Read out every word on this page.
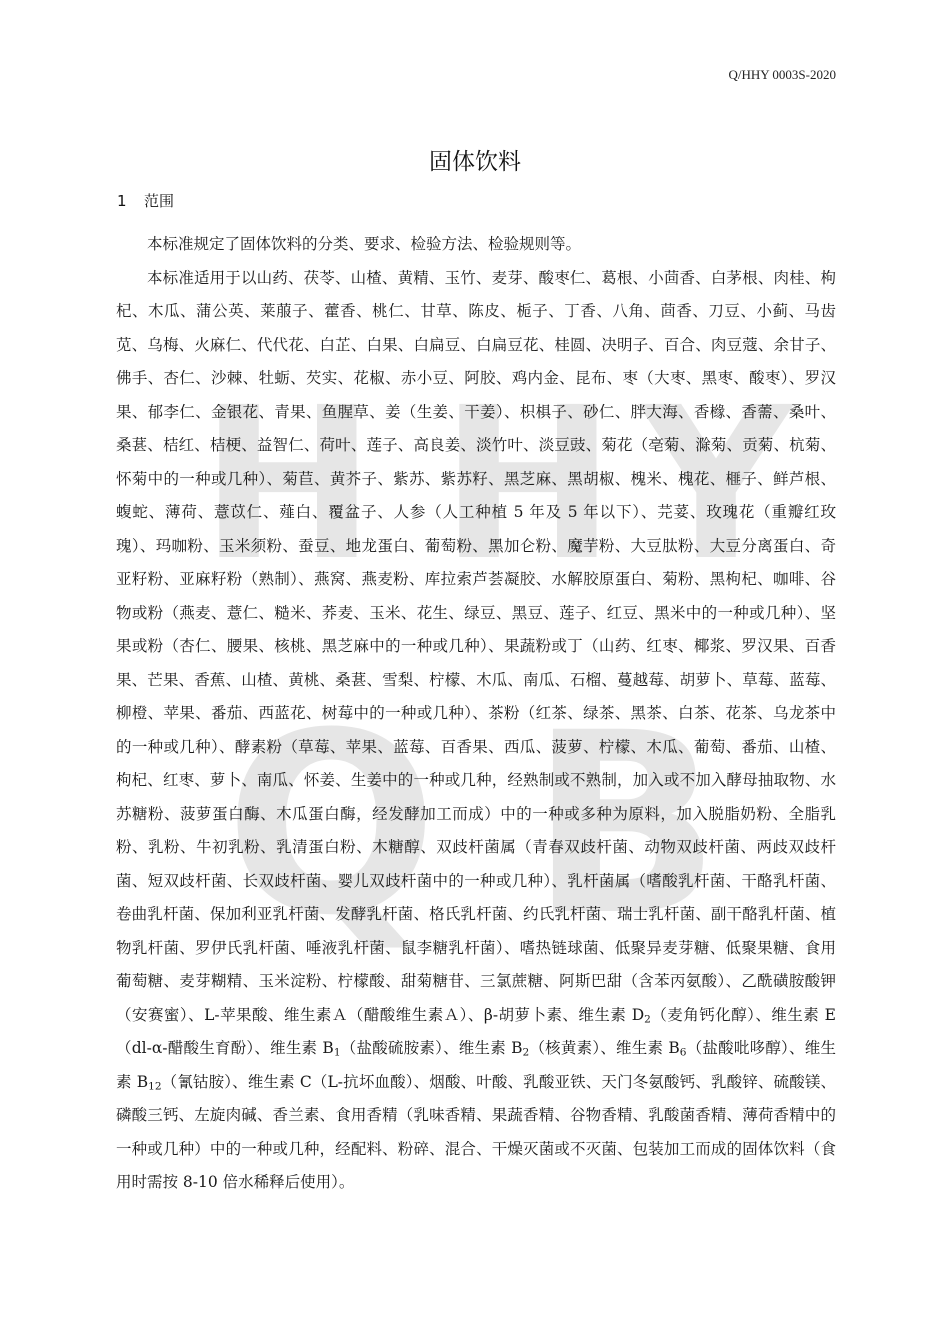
H H Y
Q B
Q/HHY 0003S-2020
固体饮料
1 范围

本标准规定了固体饮料的分类、要求、检验方法、检验规则等。

本标准适用于以山药、茯苓、山楂、黄精、玉竹、麦芽、酸枣仁、葛根、小茴香、白茅根、肉桂、枸杞、木瓜、蒲公英、莱菔子、藿香、桃仁、甘草、陈皮、栀子、丁香、八角、茴香、刀豆、小蓟、马齿苋、乌梅、火麻仁、代代花、白芷、白果、白扁豆、白扁豆花、桂圆、决明子、百合、肉豆蔻、余甘子、佛手、杏仁、沙棘、牡蛎、芡实、花椒、赤小豆、阿胶、鸡内金、昆布、枣（大枣、黑枣、酸枣）、罗汉果、郁李仁、金银花、青果、鱼腥草、姜（生姜、干姜）、枳椇子、砂仁、胖大海、香橼、香薷、桑叶、桑葚、桔红、桔梗、益智仁、荷叶、莲子、高良姜、淡竹叶、淡豆豉、菊花（亳菊、滁菊、贡菊、杭菊、怀菊中的一种或几种）、菊苣、黄芥子、紫苏、紫苏籽、黑芝麻、黑胡椒、槐米、槐花、榧子、鲜芦根、蝮蛇、薄荷、薏苡仁、薤白、覆盆子、人参（人工种植 5 年及 5 年以下）、芫荽、玫瑰花（重瓣红玫瑰）、玛咖粉、玉米须粉、蚕豆、地龙蛋白、葡萄粉、黑加仑粉、魔芋粉、大豆肽粉、大豆分离蛋白、奇亚籽粉、亚麻籽粉（熟制）、燕窝、燕麦粉、库拉索芦荟凝胶、水解胶原蛋白、菊粉、黑枸杞、咖啡、谷物或粉（燕麦、薏仁、糙米、荞麦、玉米、花生、绿豆、黑豆、莲子、红豆、黑米中的一种或几种）、坚果或粉（杏仁、腰果、核桃、黑芝麻中的一种或几种）、果蔬粉或丁（山药、红枣、椰浆、罗汉果、百香果、芒果、香蕉、山楂、黄桃、桑葚、雪梨、柠檬、木瓜、南瓜、石榴、蔓越莓、胡萝卜、草莓、蓝莓、柳橙、苹果、番茄、西蓝花、树莓中的一种或几种）、茶粉（红茶、绿茶、黑茶、白茶、花茶、乌龙茶中的一种或几种）、酵素粉（草莓、苹果、蓝莓、百香果、西瓜、菠萝、柠檬、木瓜、葡萄、番茄、山楂、枸杞、红枣、萝卜、南瓜、怀姜、生姜中的一种或几种，经熟制或不熟制，加入或不加入酵母抽取物、水苏糖粉、菠萝蛋白酶、木瓜蛋白酶，经发酵加工而成）中的一种或多种为原料，加入脱脂奶粉、全脂乳粉、乳粉、牛初乳粉、乳清蛋白粉、木糖醇、双歧杆菌属（青春双歧杆菌、动物双歧杆菌、两歧双歧杆菌、短双歧杆菌、长双歧杆菌、婴儿双歧杆菌中的一种或几种）、乳杆菌属（嗜酸乳杆菌、干酪乳杆菌、卷曲乳杆菌、保加利亚乳杆菌、发酵乳杆菌、格氏乳杆菌、约氏乳杆菌、瑞士乳杆菌、副干酪乳杆菌、植物乳杆菌、罗伊氏乳杆菌、唾液乳杆菌、鼠李糖乳杆菌）、嗜热链球菌、低聚异麦芽糖、低聚果糖、食用葡萄糖、麦芽糊精、玉米淀粉、柠檬酸、甜菊糖苷、三氯蔗糖、阿斯巴甜（含苯丙氨酸）、乙酰磺胺酸钾（安赛蜜）、L-苹果酸、维生素Ａ（醋酸维生素Ａ）、β-胡萝卜素、维生素 $D_2$（麦角钙化醇）、维生素 E（dl-α-醋酸生育酚）、维生素 $B_1$（盐酸硫胺素）、维生素 $B_2$（核黄素）、维生素 $B_6$（盐酸吡哆醇）、维生素 $B_{12}$（氰钴胺）、维生素 C（L-抗坏血酸）、烟酸、叶酸、乳酸亚铁、天门冬氨酸钙、乳酸锌、硫酸镁、磷酸三钙、左旋肉碱、香兰素、食用香精（乳味香精、果蔬香精、谷物香精、乳酸菌香精、薄荷香精中的一种或几种）中的一种或几种，经配料、粉碎、混合、干燥灭菌或不灭菌、包装加工而成的固体饮料（食用时需按 8-10 倍水稀释后使用）。
